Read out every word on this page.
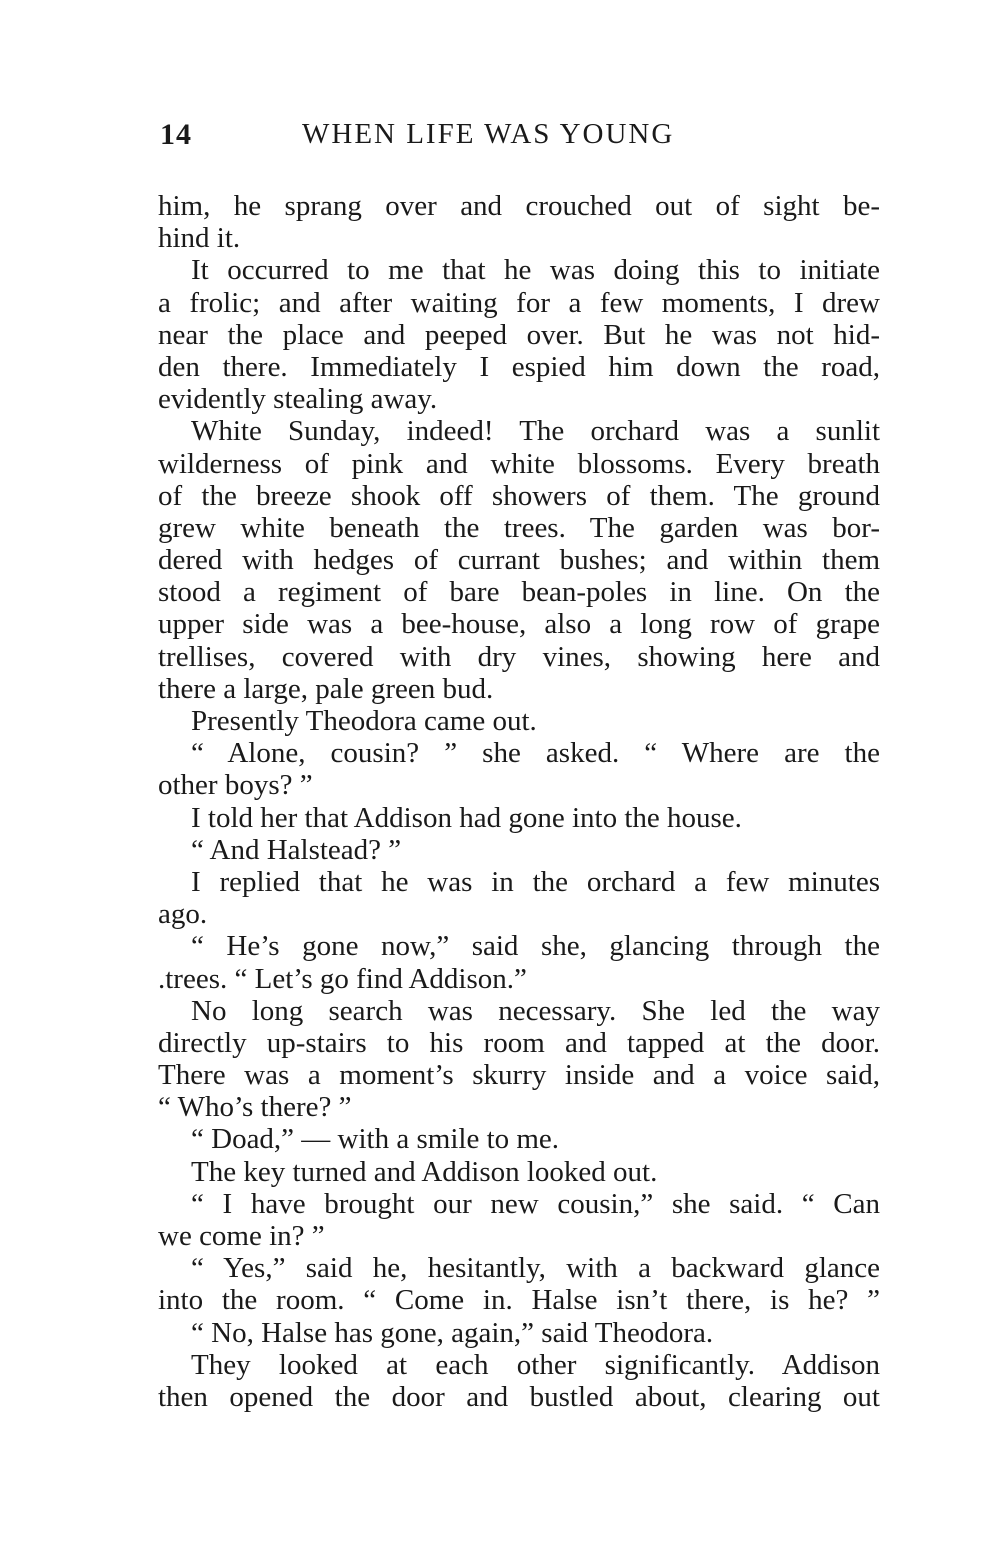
14	WHEN LIFE WAS YOUNG
him, he sprang over and crouched out of sight be-
hind it.
It occurred to me that he was doing this to initiate
a frolic; and after waiting for a few moments, I drew
near the place and peeped over. But he was not hid-
den there. Immediately I espied him down the road,
evidently stealing away.
White Sunday, indeed! The orchard was a sunlit
wilderness of pink and white blossoms. Every breath
of the breeze shook off showers of them. The ground
grew white beneath the trees. The garden was bor-
dered with hedges of currant bushes; and within them
stood a regiment of bare bean-poles in line. On the
upper side was a bee-house, also a long row of grape
trellises, covered with dry vines, showing here and
there a large, pale green bud.
Presently Theodora came out.
“ Alone, cousin? ” she asked. “ Where are the
other boys? ”
I told her that Addison had gone into the house.
“ And Halstead? ”
I replied that he was in the orchard a few minutes
ago.
“ He’s gone now,” said she, glancing through the
.trees. “ Let’s go find Addison.”
No long search was necessary. She led the way
directly up-stairs to his room and tapped at the door.
There was a moment’s skurry inside and a voice said,
“ Who’s there? ”
“ Doad,” — with a smile to me.
The key turned and Addison looked out.
“ I have brought our new cousin,” she said. “ Can
we come in? ”
“ Yes,” said he, hesitantly, with a backward glance
into the room. “ Come in. Halse isn’t there, is he? ”
“ No, Halse has gone, again,” said Theodora.
They looked at each other significantly. Addison
then opened the door and bustled about, clearing out
